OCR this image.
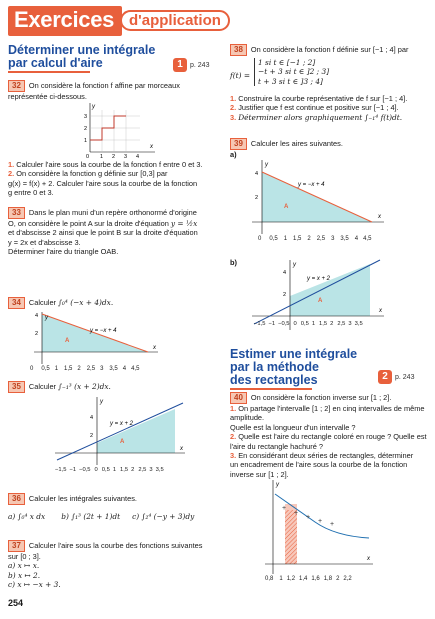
Exercices d'application
Déterminer une intégrale
par calcul d'aire	1	p. 243
32 On considère la fonction f affine par morceaux représentée ci-dessous.
y
x
0 1 2 3 4
1
2
3
1. Calculer l'aire sous la courbe de la fonction f entre 0 et 3.
2. On considère la fonction g définie sur [0,3] par
g(x) = f(x) + 2. Calculer l'aire sous la courbe de la fonction
g entre 0 et 3.
33 Dans le plan muni d'un repère orthonormé d'origine
O, on considère le point A sur la droite d'équation y = ½x
et d'abscisse 2 ainsi que le point B sur la droite d'équation
y = 2x et d'abscisse 3.
Déterminer l'aire du triangle OAB.
34 Calculer ∫₀⁴ (−x + 4)dx.
y = −x + 4
A
y
x
2
4
0 0,5 1 1,5 2 2,5 3 3,5 4 4,5
35 Calculer ∫₋₁³ (x + 2)dx.
y = x + 2
A
y
x
2
4
−1,5 −1 −0,5 0 0,5 1 1,5 2 2,5 3 3,5
36 Calculer les intégrales suivantes.
a) ∫₀⁴ x dx b) ∫₁³ (2t + 1)dt c) ∫₂⁴ (−y + 3)dy
37 Calculer l'aire sous la courbe des fonctions suivantes
sur [0 ; 3].
a) x ↦ x.
b) x ↦ 2.
c) x ↦ −x + 3.
254
38 On considère la fonction f définie sur [−1 ; 4] par
f(t) =
1 si t ∈ [−1 ; 2]
−t + 3 si t ∈ ]2 ; 3]
t + 3 si t ∈ ]3 ; 4]
1. Construire la courbe représentative de f sur [−1 ; 4].
2. Justifier que f est continue et positive sur [−1 ; 4].
3. Déterminer alors graphiquement ∫₋₁⁴ f(t)dt.
39 Calculer les aires suivantes.
a)
y = −x + 4
A
y
x
2
4
0 0,5 1 1,5 2 2,5 3 3,5 4 4,5
b)
y = x + 2
A
y
x
2
4
−1,5 −1 −0,5 0 0,5 1 1,5 2 2,5 3 3,5
Estimer une intégrale
par la méthode
des rectangles	2	p. 243
40 On considère la fonction inverse sur [1 ; 2].
1. On partage l'intervalle [1 ; 2] en cinq intervalles de même
amplitude.
Quelle est la longueur d'un intervalle ?
2. Quelle est l'aire du rectangle coloré en rouge ? Quelle est
l'aire du rectangle hachuré ?
3. En considérant deux séries de rectangles, déterminer
un encadrement de l'aire sous la courbe de la fonction
inverse sur [1 ; 2].
+
+
+
+ +
y
x
0,8 1 1,2 1,4 1,6 1,8 2 2,2
